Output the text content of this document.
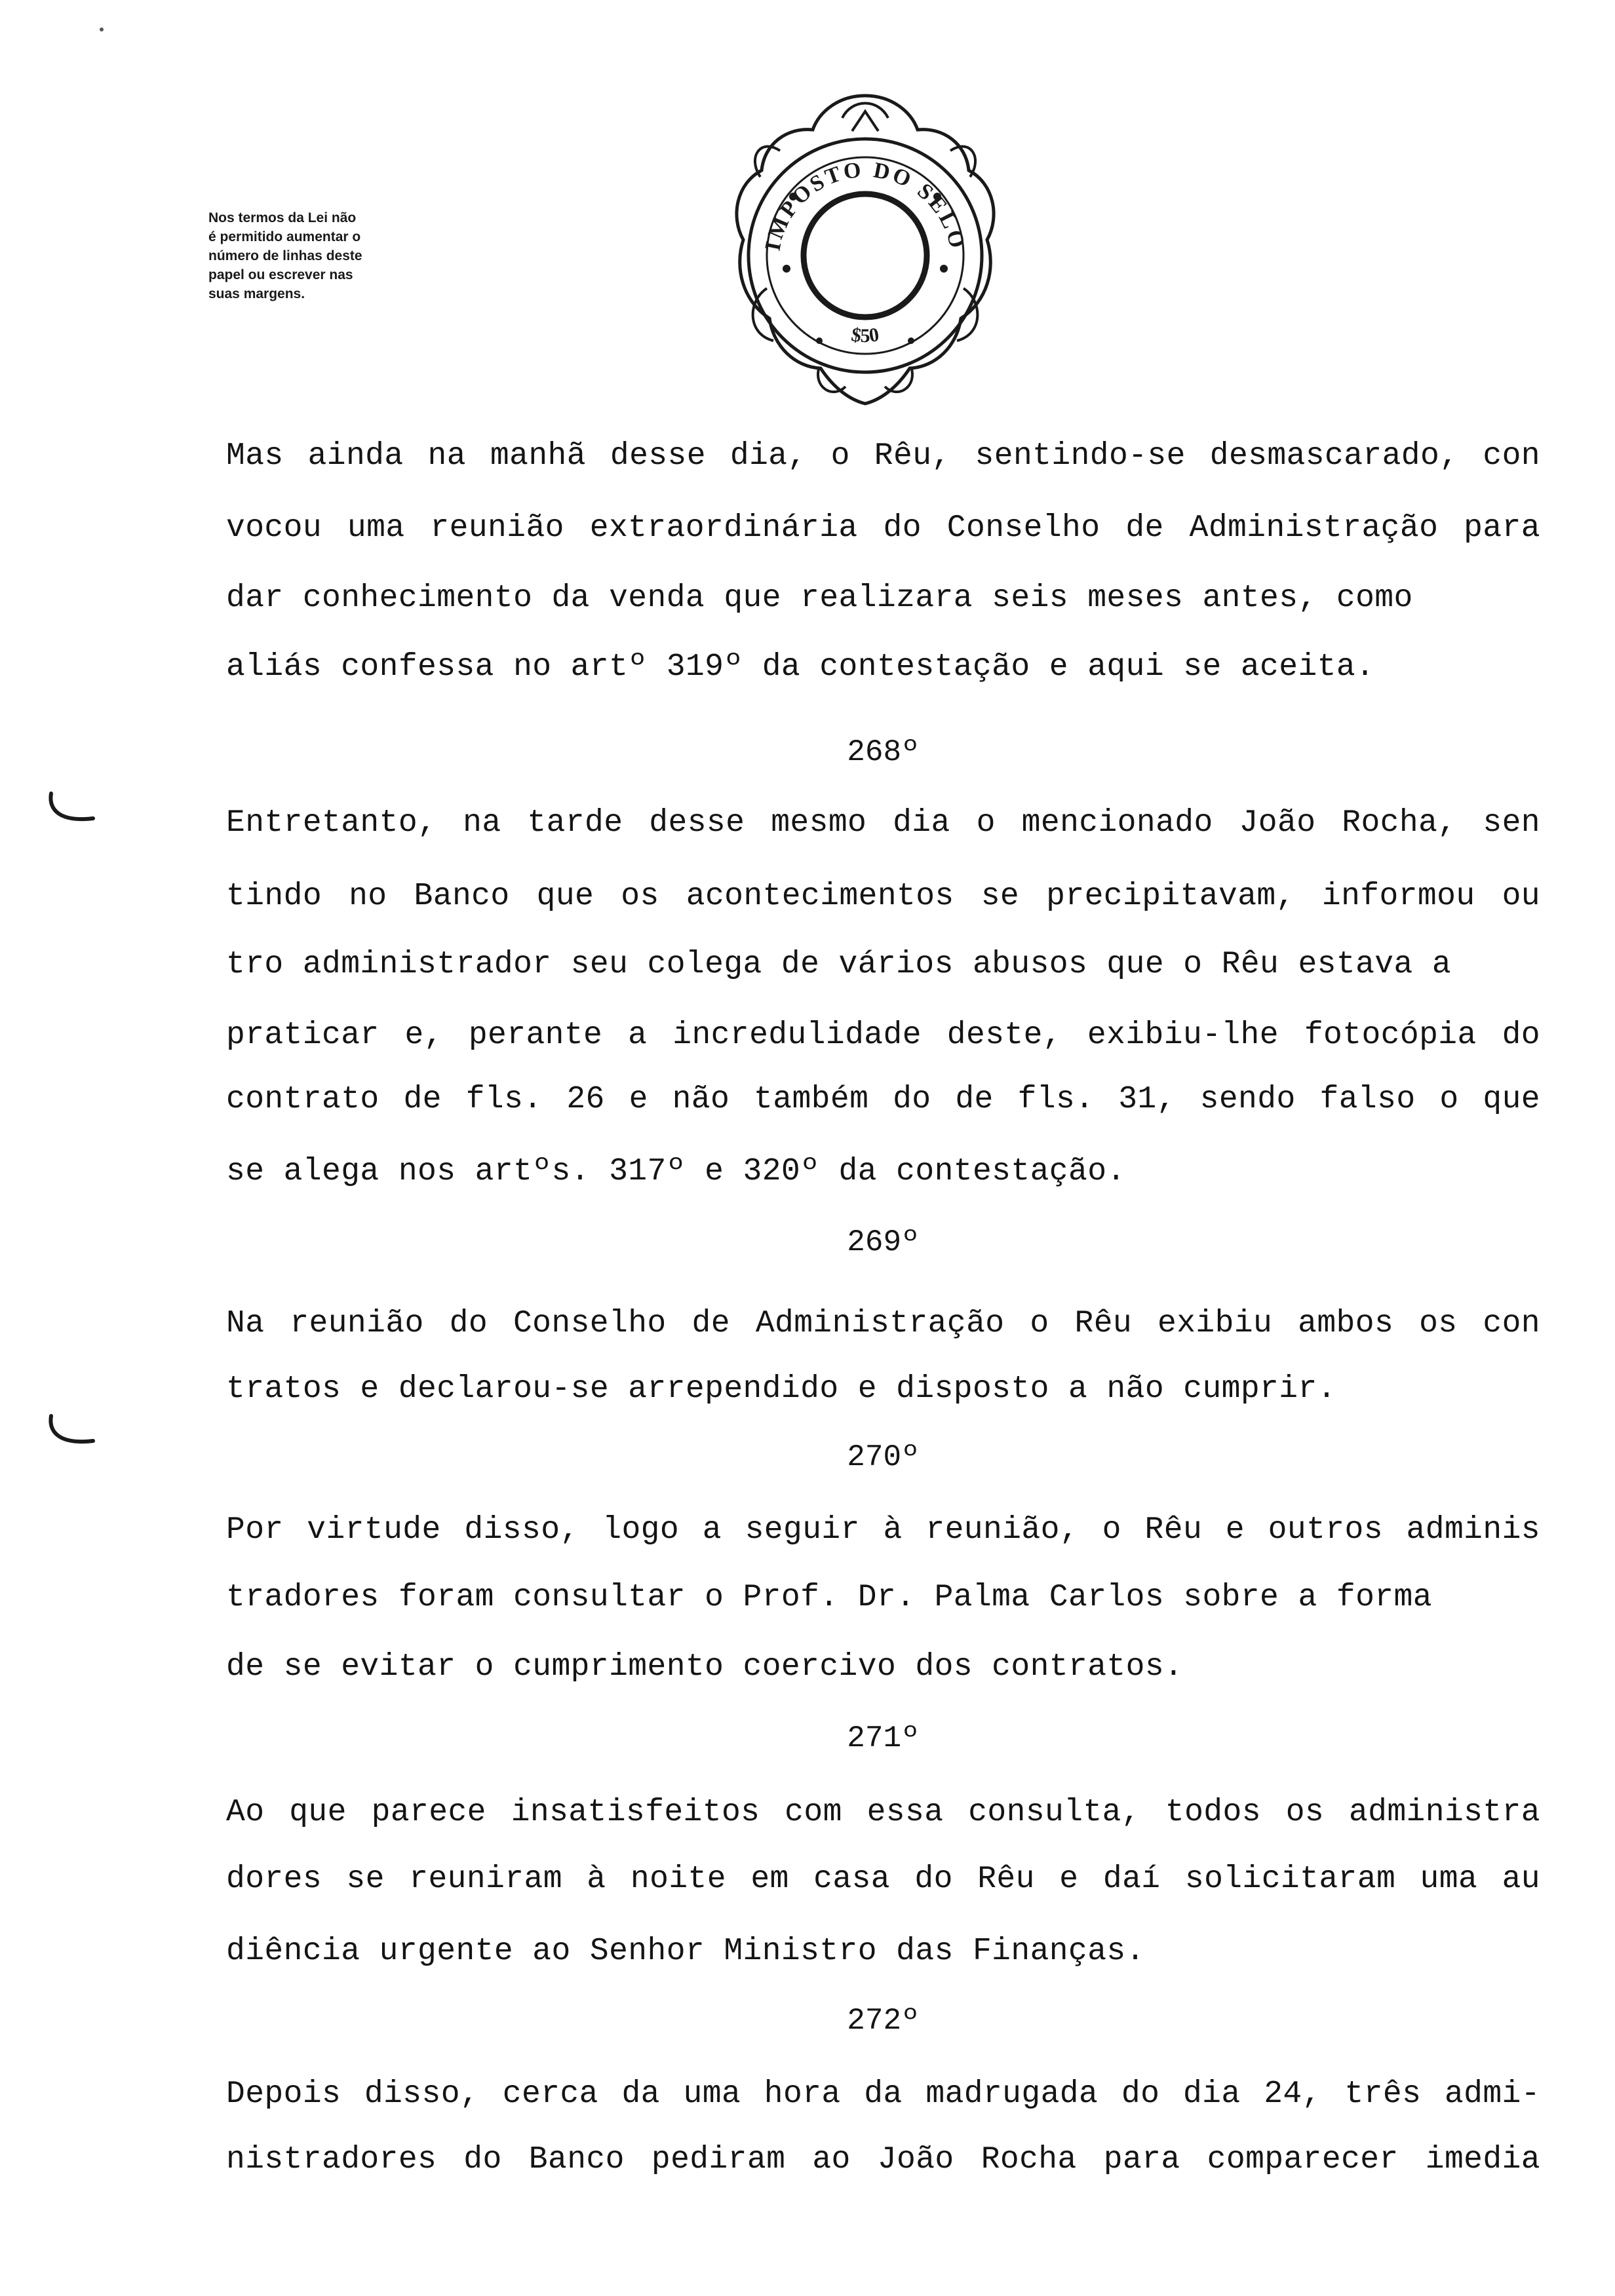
Nos termos da Lei não
é permitido aumentar o
número de linhas deste
papel ou escrever nas
suas margens.

IMPOSTO DO SELO
$50

Mas ainda na manhã desse dia, o Rêu, sentindo-se desmascarado, con

vocou uma reunião extraordinária do Conselho de Administração para

dar conhecimento da venda que realizara seis meses antes, como

aliás confessa no artº 319º da contestação e aqui se aceita.

268º

Entretanto, na tarde desse mesmo dia o mencionado João Rocha, sen

tindo no Banco que os acontecimentos se precipitavam, informou ou

tro administrador seu colega de vários abusos que o Rêu estava a

praticar e, perante a incredulidade deste, exibiu-lhe fotocópia do

contrato de fls. 26 e não também do de fls. 31, sendo falso o que

se alega nos artºs. 317º e 320º da contestação.

269º

Na reunião do Conselho de Administração o Rêu exibiu ambos os con

tratos e declarou-se arrependido e disposto a não cumprir.

270º

Por virtude disso, logo a seguir à reunião, o Rêu e outros adminis

tradores foram consultar o Prof. Dr. Palma Carlos sobre a forma

de se evitar o cumprimento coercivo dos contratos.

271º

Ao que parece insatisfeitos com essa consulta, todos os administra

dores se reuniram à noite em casa do Rêu e daí solicitaram uma au

diência urgente ao Senhor Ministro das Finanças.

272º

Depois disso, cerca da uma hora da madrugada do dia 24, três admi-

nistradores do Banco pediram ao João Rocha para comparecer imedia
